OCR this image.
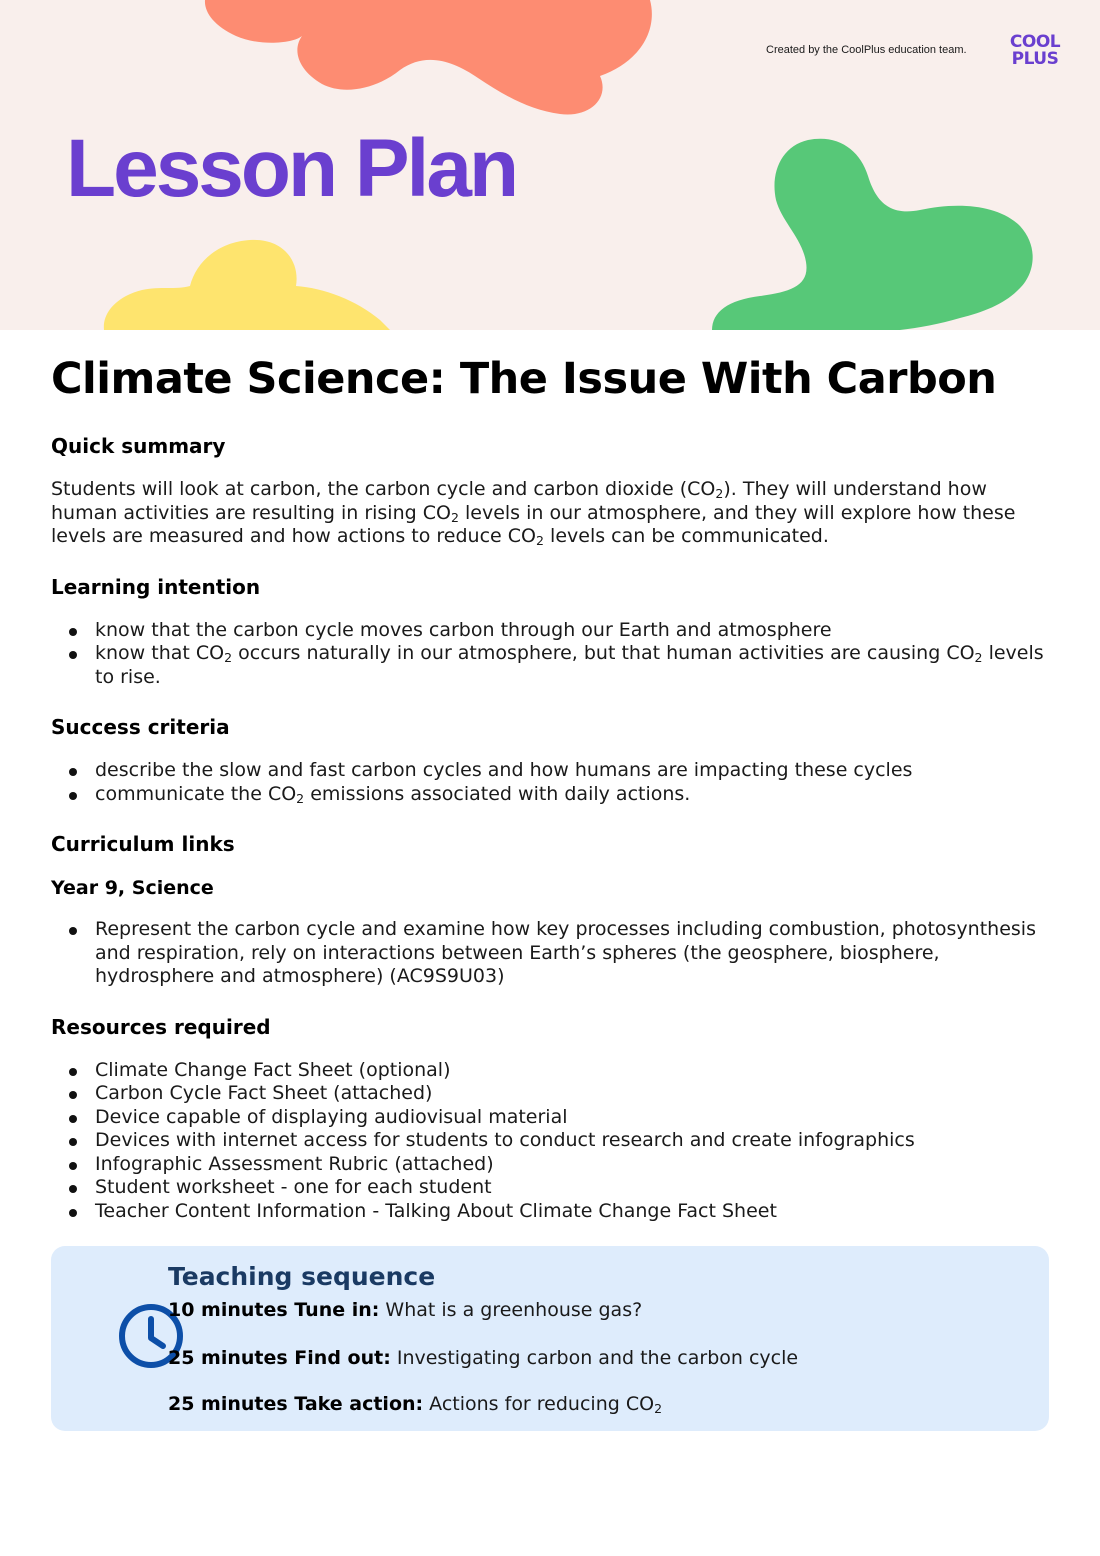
Lesson Plan
Created by the CoolPlus education team.	COOL
PLUS
Climate Science: The Issue With Carbon
Quick summary

Students will look at carbon, the carbon cycle and carbon dioxide (CO2). They will understand how human activities are resulting in rising CO2 levels in our atmosphere, and they will explore how these levels are measured and how actions to reduce CO2 levels can be communicated.

Learning intention
know that the carbon cycle moves carbon through our Earth and atmosphere
know that CO2 occurs naturally in our atmosphere, but that human activities are causing CO2 levels to rise.
Success criteria
describe the slow and fast carbon cycles and how humans are impacting these cycles
communicate the CO2 emissions associated with daily actions.
Curriculum links
Year 9, Science
Represent the carbon cycle and examine how key processes including combustion, photosynthesis and respiration, rely on interactions between Earth’s spheres (the geosphere, biosphere, hydrosphere and atmosphere) (AC9S9U03)
Resources required
Climate Change Fact Sheet (optional)
Carbon Cycle Fact Sheet (attached)
Device capable of displaying audiovisual material
Devices with internet access for students to conduct research and create infographics
Infographic Assessment Rubric (attached)
Student worksheet - one for each student
Teacher Content Information - Talking About Climate Change Fact Sheet
Teaching sequence
10 minutes Tune in: What is a greenhouse gas?
25 minutes Find out: Investigating carbon and the carbon cycle
25 minutes Take action: Actions for reducing CO2
